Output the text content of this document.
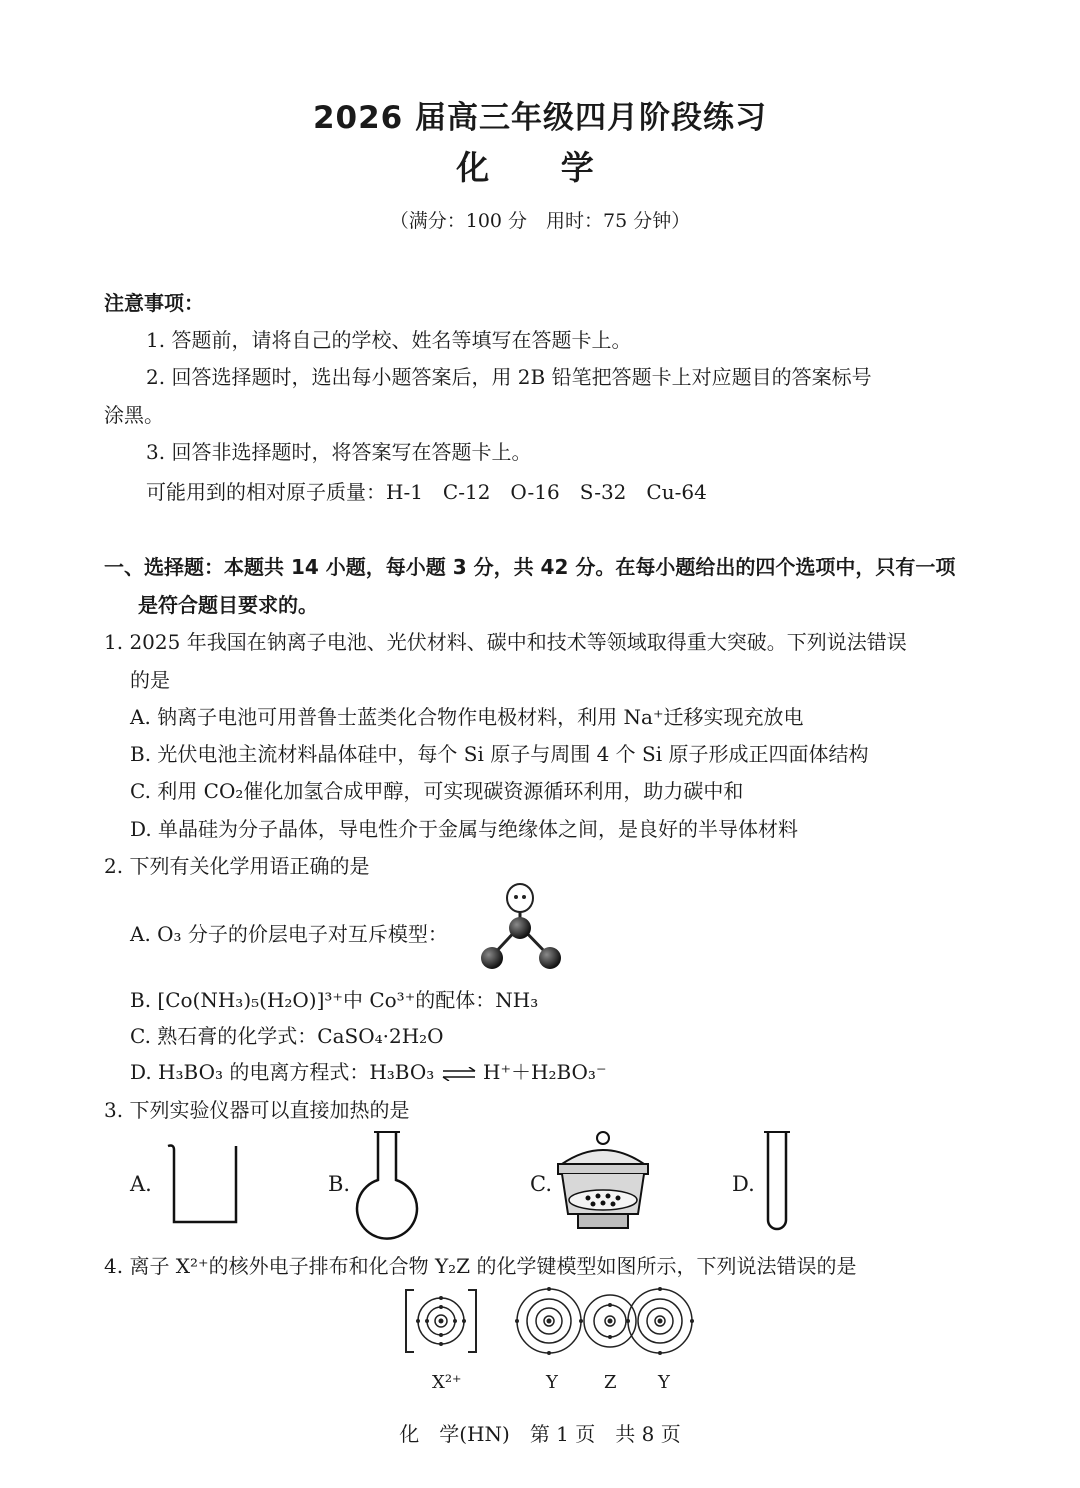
2026 届高三年级四月阶段练习
化 学
（满分：100 分　用时：75 分钟）
注意事项：
1. 答题前，请将自己的学校、姓名等填写在答题卡上。
2. 回答选择题时，选出每小题答案后，用 2B 铅笔把答题卡上对应题目的答案标号
涂黑。
3. 回答非选择题时，将答案写在答题卡上。
可能用到的相对原子质量：H-1　C-12　O-16　S-32　Cu-64
一、选择题：本题共 14 小题，每小题 3 分，共 42 分。在每小题给出的四个选项中，只有一项
是符合题目要求的。
1. 2025 年我国在钠离子电池、光伏材料、碳中和技术等领域取得重大突破。下列说法错误
的是
A. 钠离子电池可用普鲁士蓝类化合物作电极材料，利用 Na⁺迁移实现充放电
B. 光伏电池主流材料晶体硅中，每个 Si 原子与周围 4 个 Si 原子形成正四面体结构
C. 利用 CO₂催化加氢合成甲醇，可实现碳资源循环利用，助力碳中和
D. 单晶硅为分子晶体，导电性介于金属与绝缘体之间，是良好的半导体材料
2. 下列有关化学用语正确的是
A. O₃ 分子的价层电子对互斥模型：
B. [Co(NH₃)₅(H₂O)]³⁺中 Co³⁺的配体：NH₃
C. 熟石膏的化学式：CaSO₄·2H₂O
D. H₃BO₃ 的电离方程式：H₃BO₃ ⇌ H⁺＋H₂BO₃⁻
3. 下列实验仪器可以直接加热的是
A.	B.	C.	D.
4. 离子 X²⁺的核外电子排布和化合物 Y₂Z 的化学键模型如图所示，下列说法错误的是
X²⁺	Y	Z Y
化　学(HN)　第 1 页　共 8 页
